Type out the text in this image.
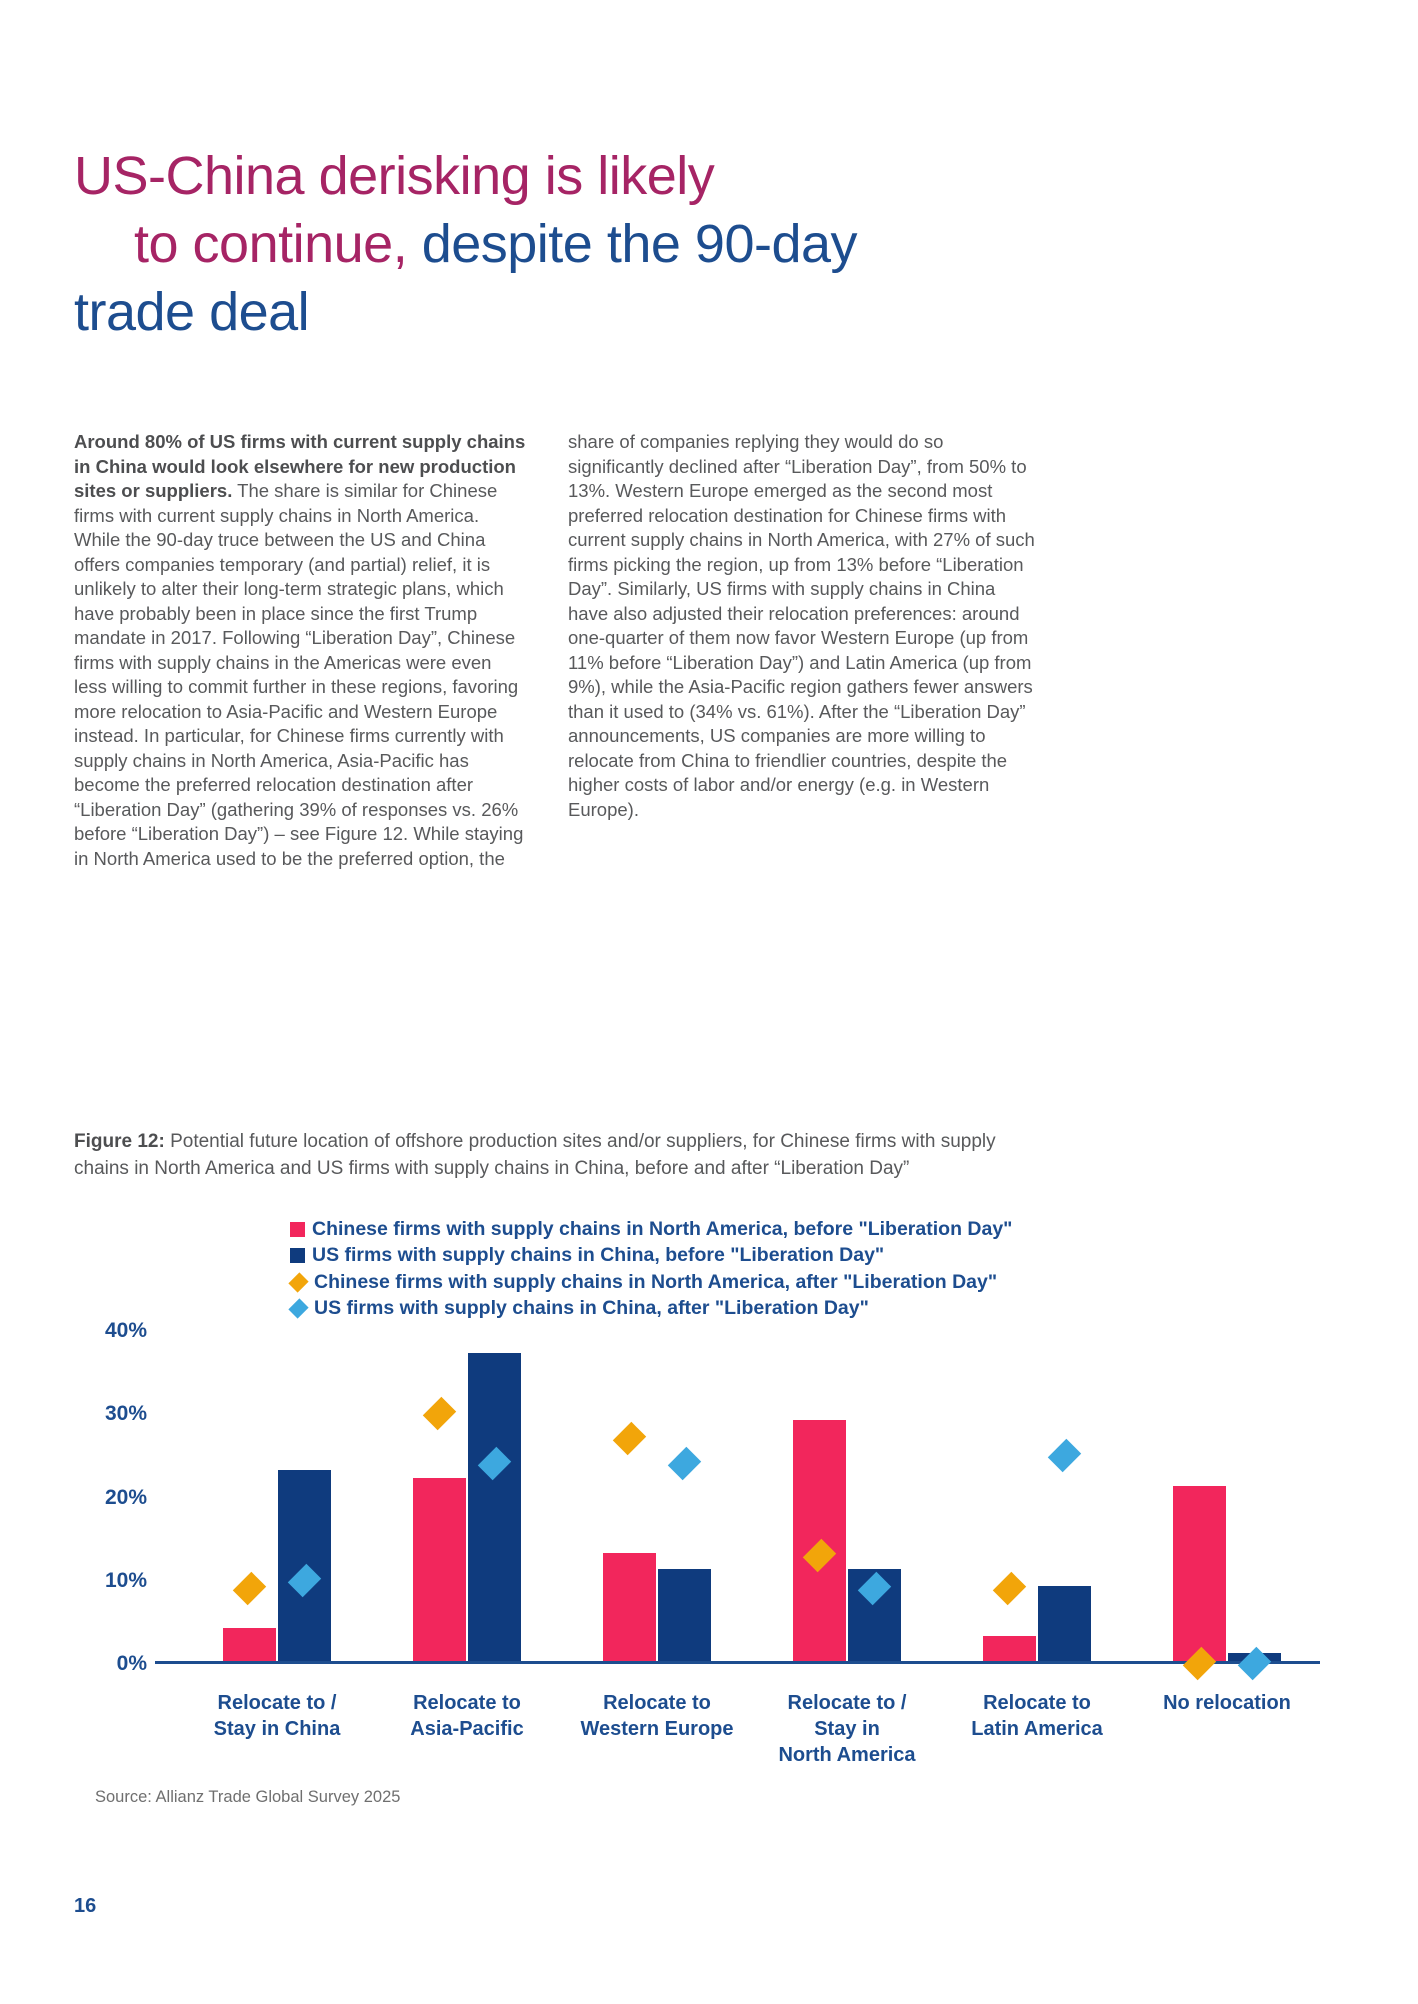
US-China derisking is likely
to continue, despite the 90-day
trade deal
Around 80% of US firms with current supply chains in China would look elsewhere for new production sites or suppliers. The share is similar for Chinese firms with current supply chains in North America. While the 90-day truce between the US and China offers companies temporary (and partial) relief, it is unlikely to alter their long-term strategic plans, which have probably been in place since the first Trump mandate in 2017. Following “Liberation Day”, Chinese firms with supply chains in the Americas were even less willing to commit further in these regions, favoring more relocation to Asia-Pacific and Western Europe instead. In particular, for Chinese firms currently with supply chains in North America, Asia-Pacific has become the preferred relocation destination after “Liberation Day” (gathering 39% of responses vs. 26% before “Liberation Day”) – see Figure 12. While staying in North America used to be the preferred option, the
share of companies replying they would do so significantly declined after “Liberation Day”, from 50% to 13%. Western Europe emerged as the second most preferred relocation destination for Chinese firms with current supply chains in North America, with 27% of such firms picking the region, up from 13% before “Liberation Day”. Similarly, US firms with supply chains in China have also adjusted their relocation preferences: around one-quarter of them now favor Western Europe (up from 11% before “Liberation Day”) and Latin America (up from 9%), while the Asia-Pacific region gathers fewer answers than it used to (34% vs. 61%). After the “Liberation Day” announcements, US companies are more willing to relocate from China to friendlier countries, despite the higher costs of labor and/or energy (e.g. in Western Europe).
Figure 12: Potential future location of offshore production sites and/or suppliers, for Chinese firms with supply chains in North America and US firms with supply chains in China, before and after “Liberation Day”
Chinese firms with supply chains in North America, before "Liberation Day"
US firms with supply chains in China, before "Liberation Day"
Chinese firms with supply chains in North America, after "Liberation Day"
US firms with supply chains in China, after "Liberation Day"
40%
30%
20%
10%
0%
Relocate to /
Stay in China
Relocate to
Asia-Pacific
Relocate to
Western Europe
Relocate to /
Stay in
North America
Relocate to
Latin America
No relocation
Source: Allianz Trade Global Survey 2025
16
